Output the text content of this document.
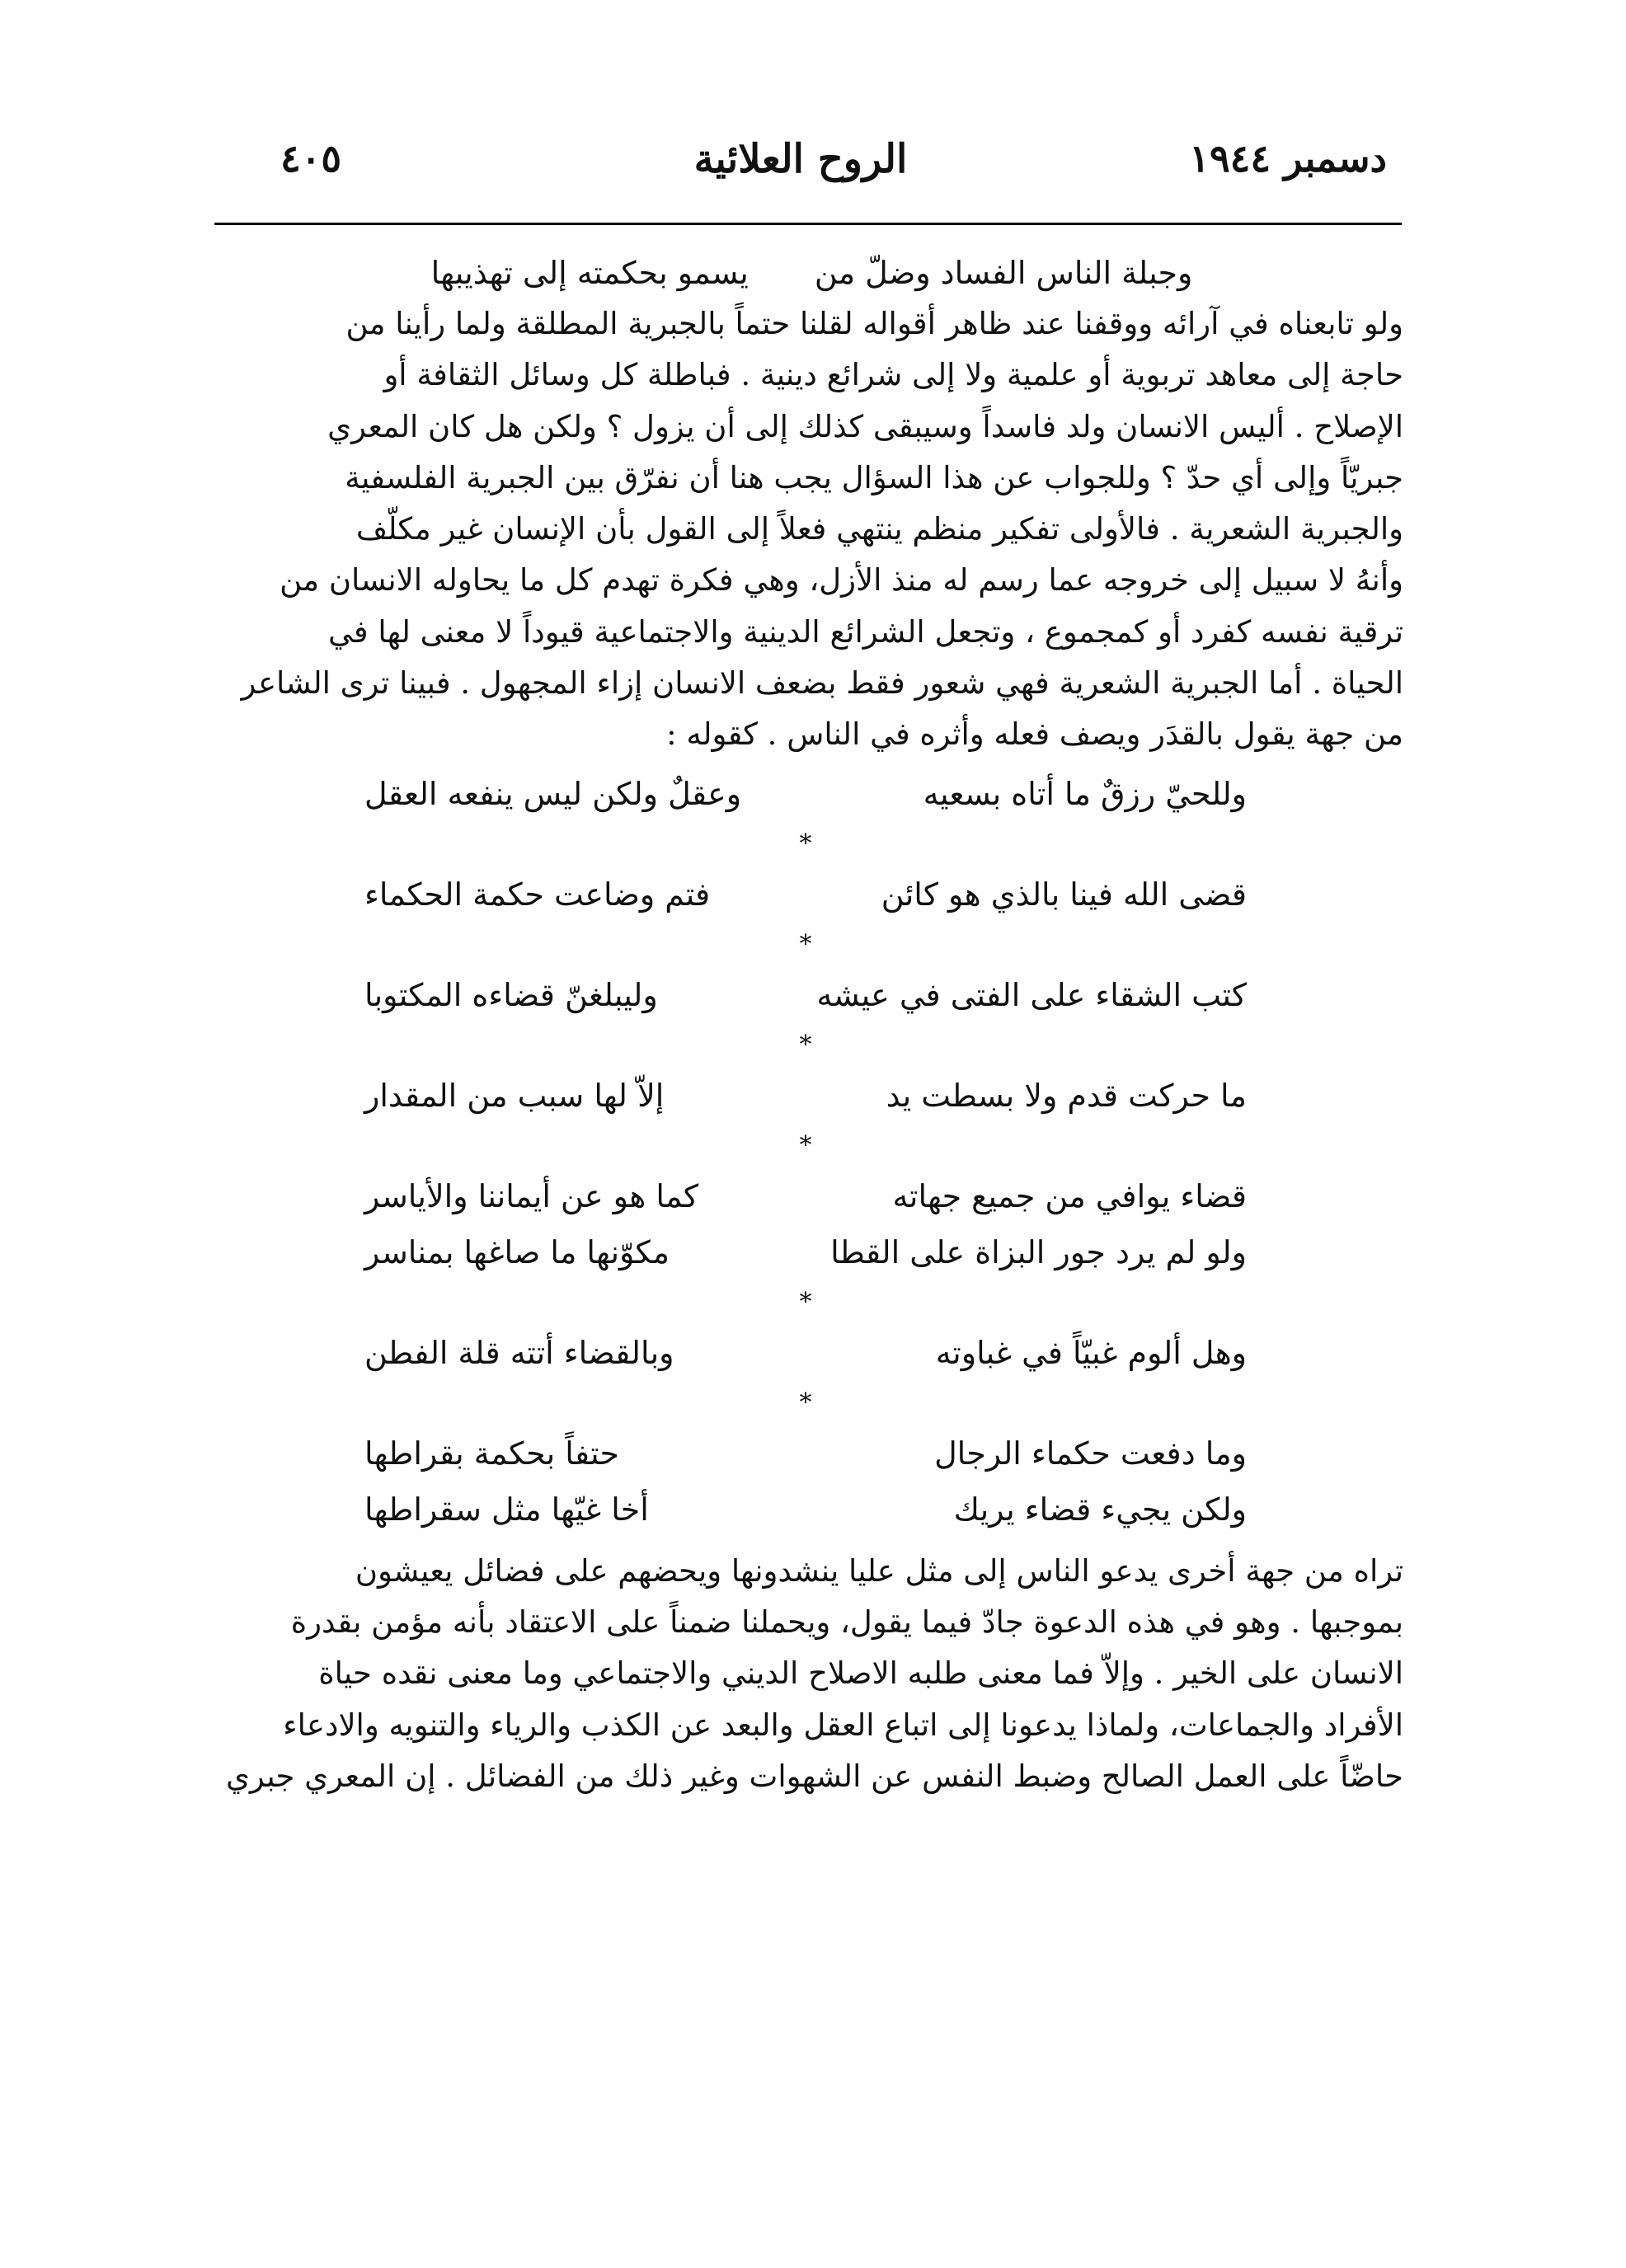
دسمبر ١٩٤٤
الروح العلائية
٤٠٥
وجبلة الناس الفساد وضلّ من
يسمو بحكمته إلى تهذيبها
ولو تابعناه في آرائه ووقفنا عند ظاهر أقواله لقلنا حتماً بالجبرية المطلقة ولما رأينا من
حاجة إلى معاهد تربوية أو علمية ولا إلى شرائع دينية . فباطلة كل وسائل الثقافة أو
الإصلاح . أليس الانسان ولد فاسداً وسيبقى كذلك إلى أن يزول ؟ ولكن هل كان المعري
جبريّاً وإلى أي حدّ ؟ وللجواب عن هذا السؤال يجب هنا أن نفرّق بين الجبرية الفلسفية
والجبرية الشعرية . فالأولى تفكير منظم ينتهي فعلاً إلى القول بأن الإنسان غير مكلّف
وأنهُ لا سبيل إلى خروجه عما رسم له منذ الأزل، وهي فكرة تهدم كل ما يحاوله الانسان من
ترقية نفسه كفرد أو كمجموع ، وتجعل الشرائع الدينية والاجتماعية قيوداً لا معنى لها في
الحياة . أما الجبرية الشعرية فهي شعور فقط بضعف الانسان إزاء المجهول . فبينا ترى الشاعر
من جهة يقول بالقدَر ويصف فعله وأثره في الناس . كقوله :
وللحيّ رزقٌ ما أتاه بسعيه
وعقلٌ ولكن ليس ينفعه العقل
*
قضى الله فينا بالذي هو كائن
فتم وضاعت حكمة الحكماء
*
كتب الشقاء على الفتى في عيشه
وليبلغنّ قضاءه المكتوبا
*
ما حركت قدم ولا بسطت يد
إلاّ لها سبب من المقدار
*
قضاء يوافي من جميع جهاته
كما هو عن أيماننا والأياسر
ولو لم يرد جور البزاة على القطا
مكوّنها ما صاغها بمناسر
*
وهل ألوم غبيّاً في غباوته
وبالقضاء أتته قلة الفطن
*
وما دفعت حكماء الرجال
حتفاً بحكمة بقراطها
ولكن يجيء قضاء يريك
أخا غيّها مثل سقراطها
تراه من جهة أخرى يدعو الناس إلى مثل عليا ينشدونها ويحضهم على فضائل يعيشون
بموجبها . وهو في هذه الدعوة جادّ فيما يقول، ويحملنا ضمناً على الاعتقاد بأنه مؤمن بقدرة
الانسان على الخير . وإلاّ فما معنى طلبه الاصلاح الديني والاجتماعي وما معنى نقده حياة
الأفراد والجماعات، ولماذا يدعونا إلى اتباع العقل والبعد عن الكذب والرياء والتنويه والادعاء
حاضّاً على العمل الصالح وضبط النفس عن الشهوات وغير ذلك من الفضائل . إن المعري جبري
